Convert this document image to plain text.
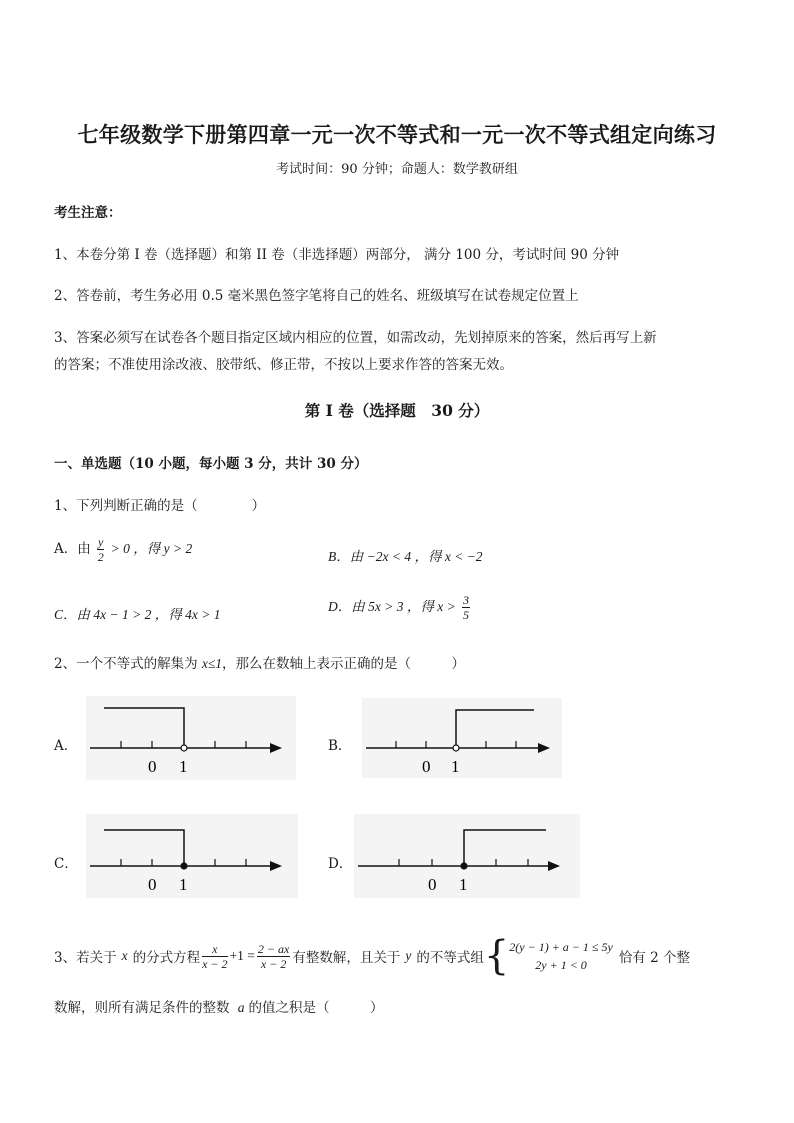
七年级数学下册第四章一元一次不等式和一元一次不等式组定向练习
考试时间：90 分钟；命题人：数学教研组
考生注意：
1、本卷分第 I 卷（选择题）和第 II 卷（非选择题）两部分， 满分 100 分，考试时间 90 分钟
2、答卷前，考生务必用 0.5 毫米黑色签字笔将自己的姓名、班级填写在试卷规定位置上
3、答案必须写在试卷各个题目指定区域内相应的位置，如需改动，先划掉原来的答案，然后再写上新
的答案；不准使用涂改液、胶带纸、修正带，不按以上要求作答的答案无效。
第 I 卷（选择题　30 分）
一、单选题（10 小题，每小题 3 分，共计 30 分）
1、下列判断正确的是（　　　　）
A．由 $\frac{y}{2} > 0$ ，得 y > 2
B．由 −2x < 4 ，得 x < −2
C．由 4x − 1 > 2 ，得 4x > 1
D．由 5x > 3 ，得 $x > \frac{3}{5}$
2、一个不等式的解集为 x≤1，那么在数轴上表示正确的是（　　　）
A．
0 1
B．
0 1
C．
0 1
D．
0 1
3、若关于 x 的分式方程 $\frac{x}{x - 2} +1 = \frac{2 - ax}{x - 2}$ 有整数解，且关于 y 的不等式组 { 2(y − 1) + a − 1 ≤ 5y
2y + 1 < 0 恰有 2 个整
数解，则所有满足条件的整数 a 的值之积是（　　　）
